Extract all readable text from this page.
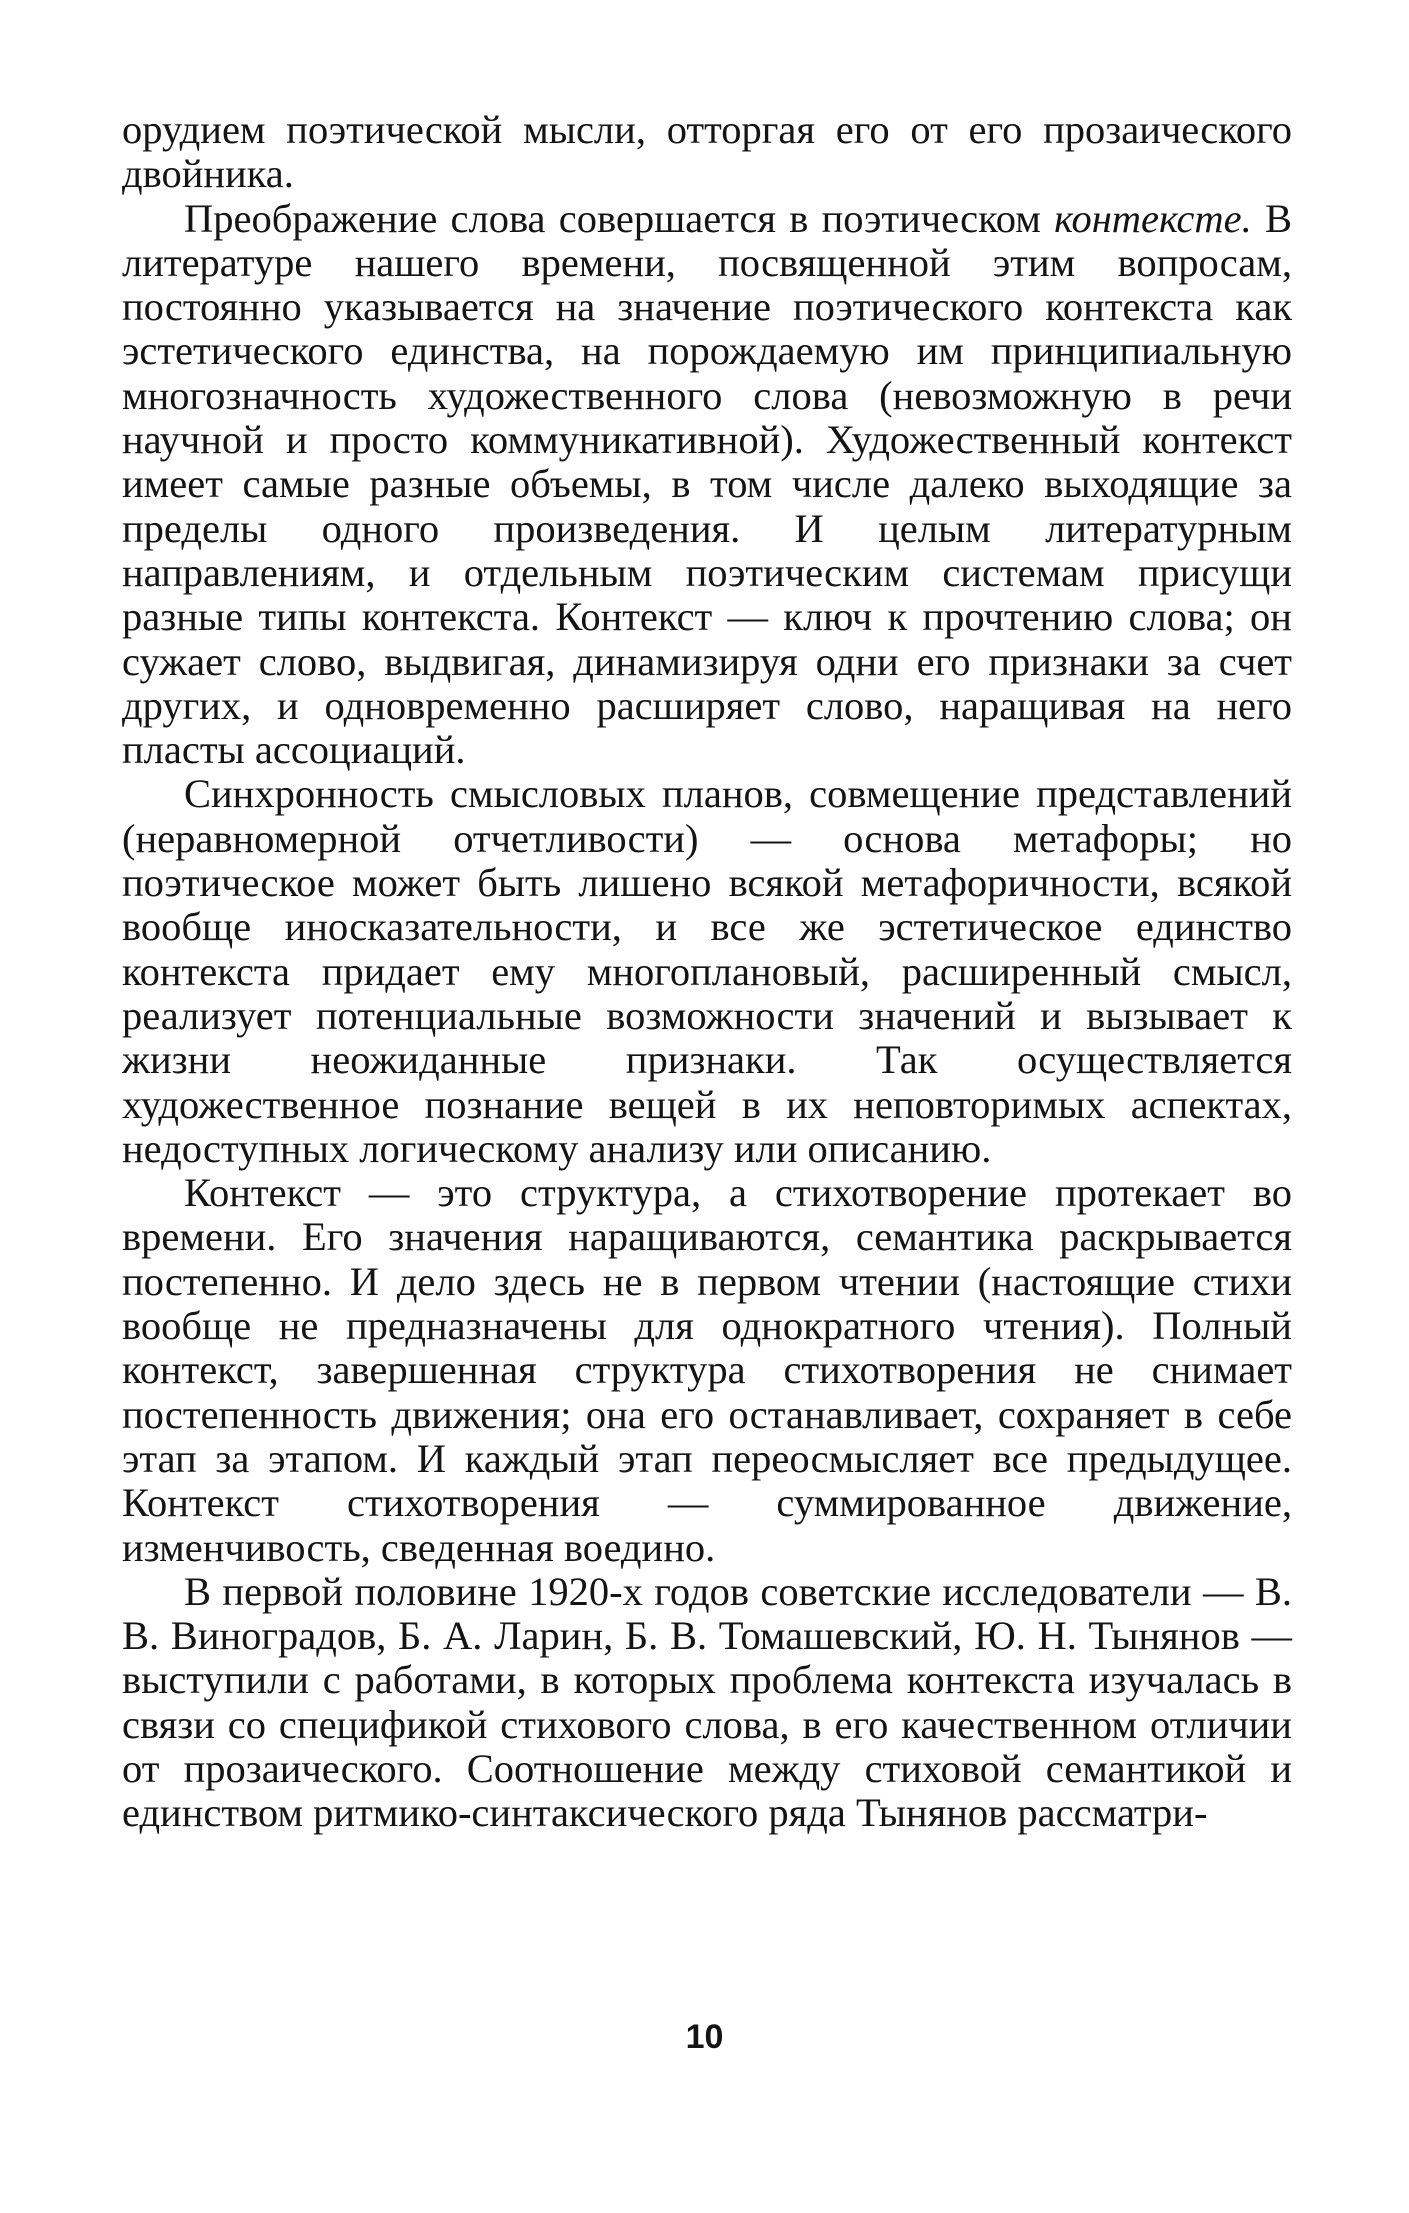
орудием поэтической мысли, отторгая его от его прозаического двойника.

Преображение слова совершается в поэтическом контексте. В литературе нашего времени, посвященной этим вопросам, постоянно указывается на значение поэтического контекста как эстетического единства, на порождаемую им принципиальную многозначность художественного слова (невозможную в речи научной и просто коммуникативной). Художественный контекст имеет самые разные объемы, в том числе далеко выходящие за пределы одного произведения. И целым литературным направлениям, и отдельным поэтическим системам присущи разные типы контекста. Контекст — ключ к прочтению слова; он сужает слово, выдвигая, динамизируя одни его признаки за счет других, и одновременно расширяет слово, наращивая на него пласты ассоциаций.

Синхронность смысловых планов, совмещение представлений (неравномерной отчетливости) — основа метафоры; но поэтическое может быть лишено всякой метафоричности, всякой вообще иносказательности, и все же эстетическое единство контекста придает ему многоплановый, расширенный смысл, реализует потенциальные возможности значений и вызывает к жизни неожиданные признаки. Так осуществляется художественное познание вещей в их неповторимых аспектах, недоступных логическому анализу или описанию.

Контекст — это структура, а стихотворение протекает во времени. Его значения наращиваются, семантика раскрывается постепенно. И дело здесь не в первом чтении (настоящие стихи вообще не предназначены для однократного чтения). Полный контекст, завершенная структура стихотворения не снимает постепенность движения; она его останавливает, сохраняет в себе этап за этапом. И каждый этап переосмысляет все предыдущее. Контекст стихотворения — суммированное движение, изменчивость, сведенная воедино.

В первой половине 1920-х годов советские исследователи — В. В. Виноградов, Б. А. Ларин, Б. В. Томашевский, Ю. Н. Тынянов — выступили с работами, в которых проблема контекста изучалась в связи со спецификой стихового слова, в его качественном отличии от прозаического. Соотношение между стиховой семантикой и единством ритмико-синтаксического ряда Тынянов рассматри-

10
